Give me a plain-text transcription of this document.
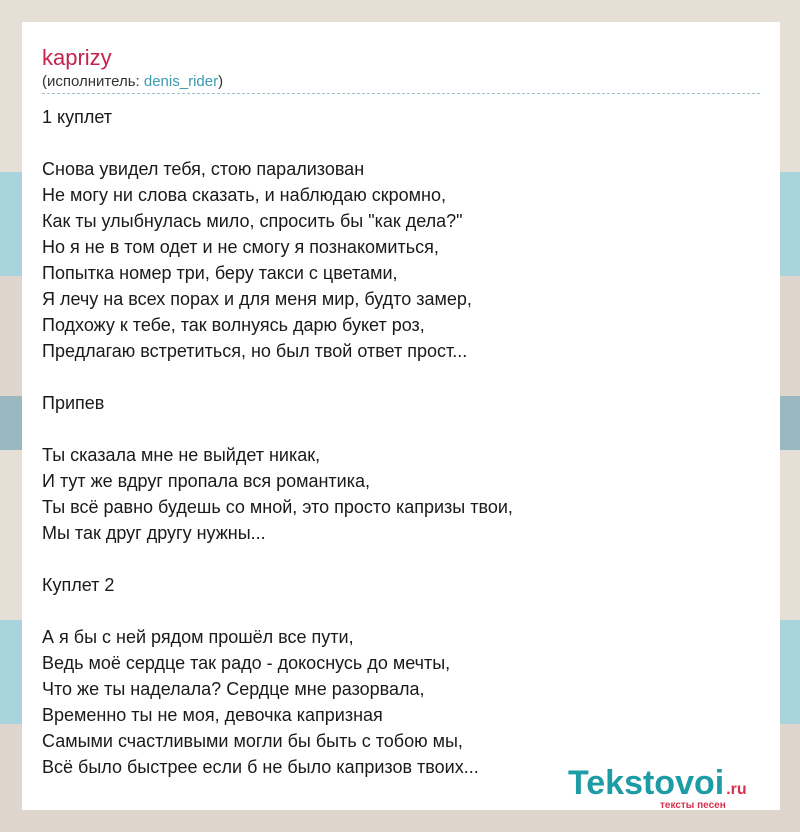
kaprizy
(исполнитель: denis_rider)
1 куплет
Снова увидел тебя, стою парализован
Не могу ни слова сказать, и наблюдаю скромно,
Как ты улыбнулась мило, спросить бы "как дела?"
Но я не в том одет и не смогу я познакомиться,
Попытка номер три, беру такси с цветами,
Я лечу на всех порах и для меня мир, будто замер,
Подхожу к тебе, так волнуясь дарю букет роз,
Предлагаю встретиться, но был твой ответ прост...
Припев
Ты сказала мне не выйдет никак,
И тут же вдруг пропала вся романтика,
Ты всё равно будешь со мной, это просто капризы твои,
Мы так друг другу нужны...
Куплет 2
А я бы с ней рядом прошёл все пути,
Ведь моё сердце так радо - докоснусь до мечты,
Что же ты наделала? Сердце мне разорвала,
Временно ты не моя, девочка капризная
Самыми счастливыми могли бы быть с тобою мы,
Всё было быстрее если б не было капризов твоих...	Tekstovoi .ru
тексты песен
